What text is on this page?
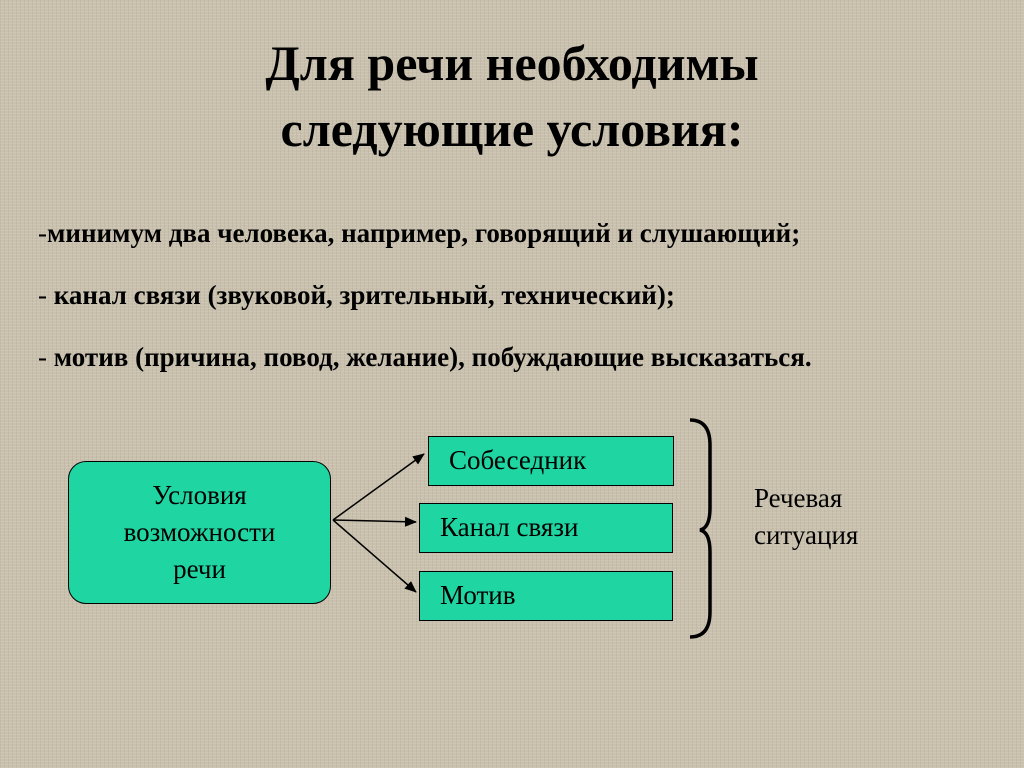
Для речи необходимы
следующие условия:
-минимум два человека, например, говорящий и слушающий;
- канал связи (звуковой, зрительный, технический);
- мотив (причина, повод, желание), побуждающие высказаться.
Условия
возможности
речи
Собеседник
Канал связи
Мотив
Речевая
ситуация
